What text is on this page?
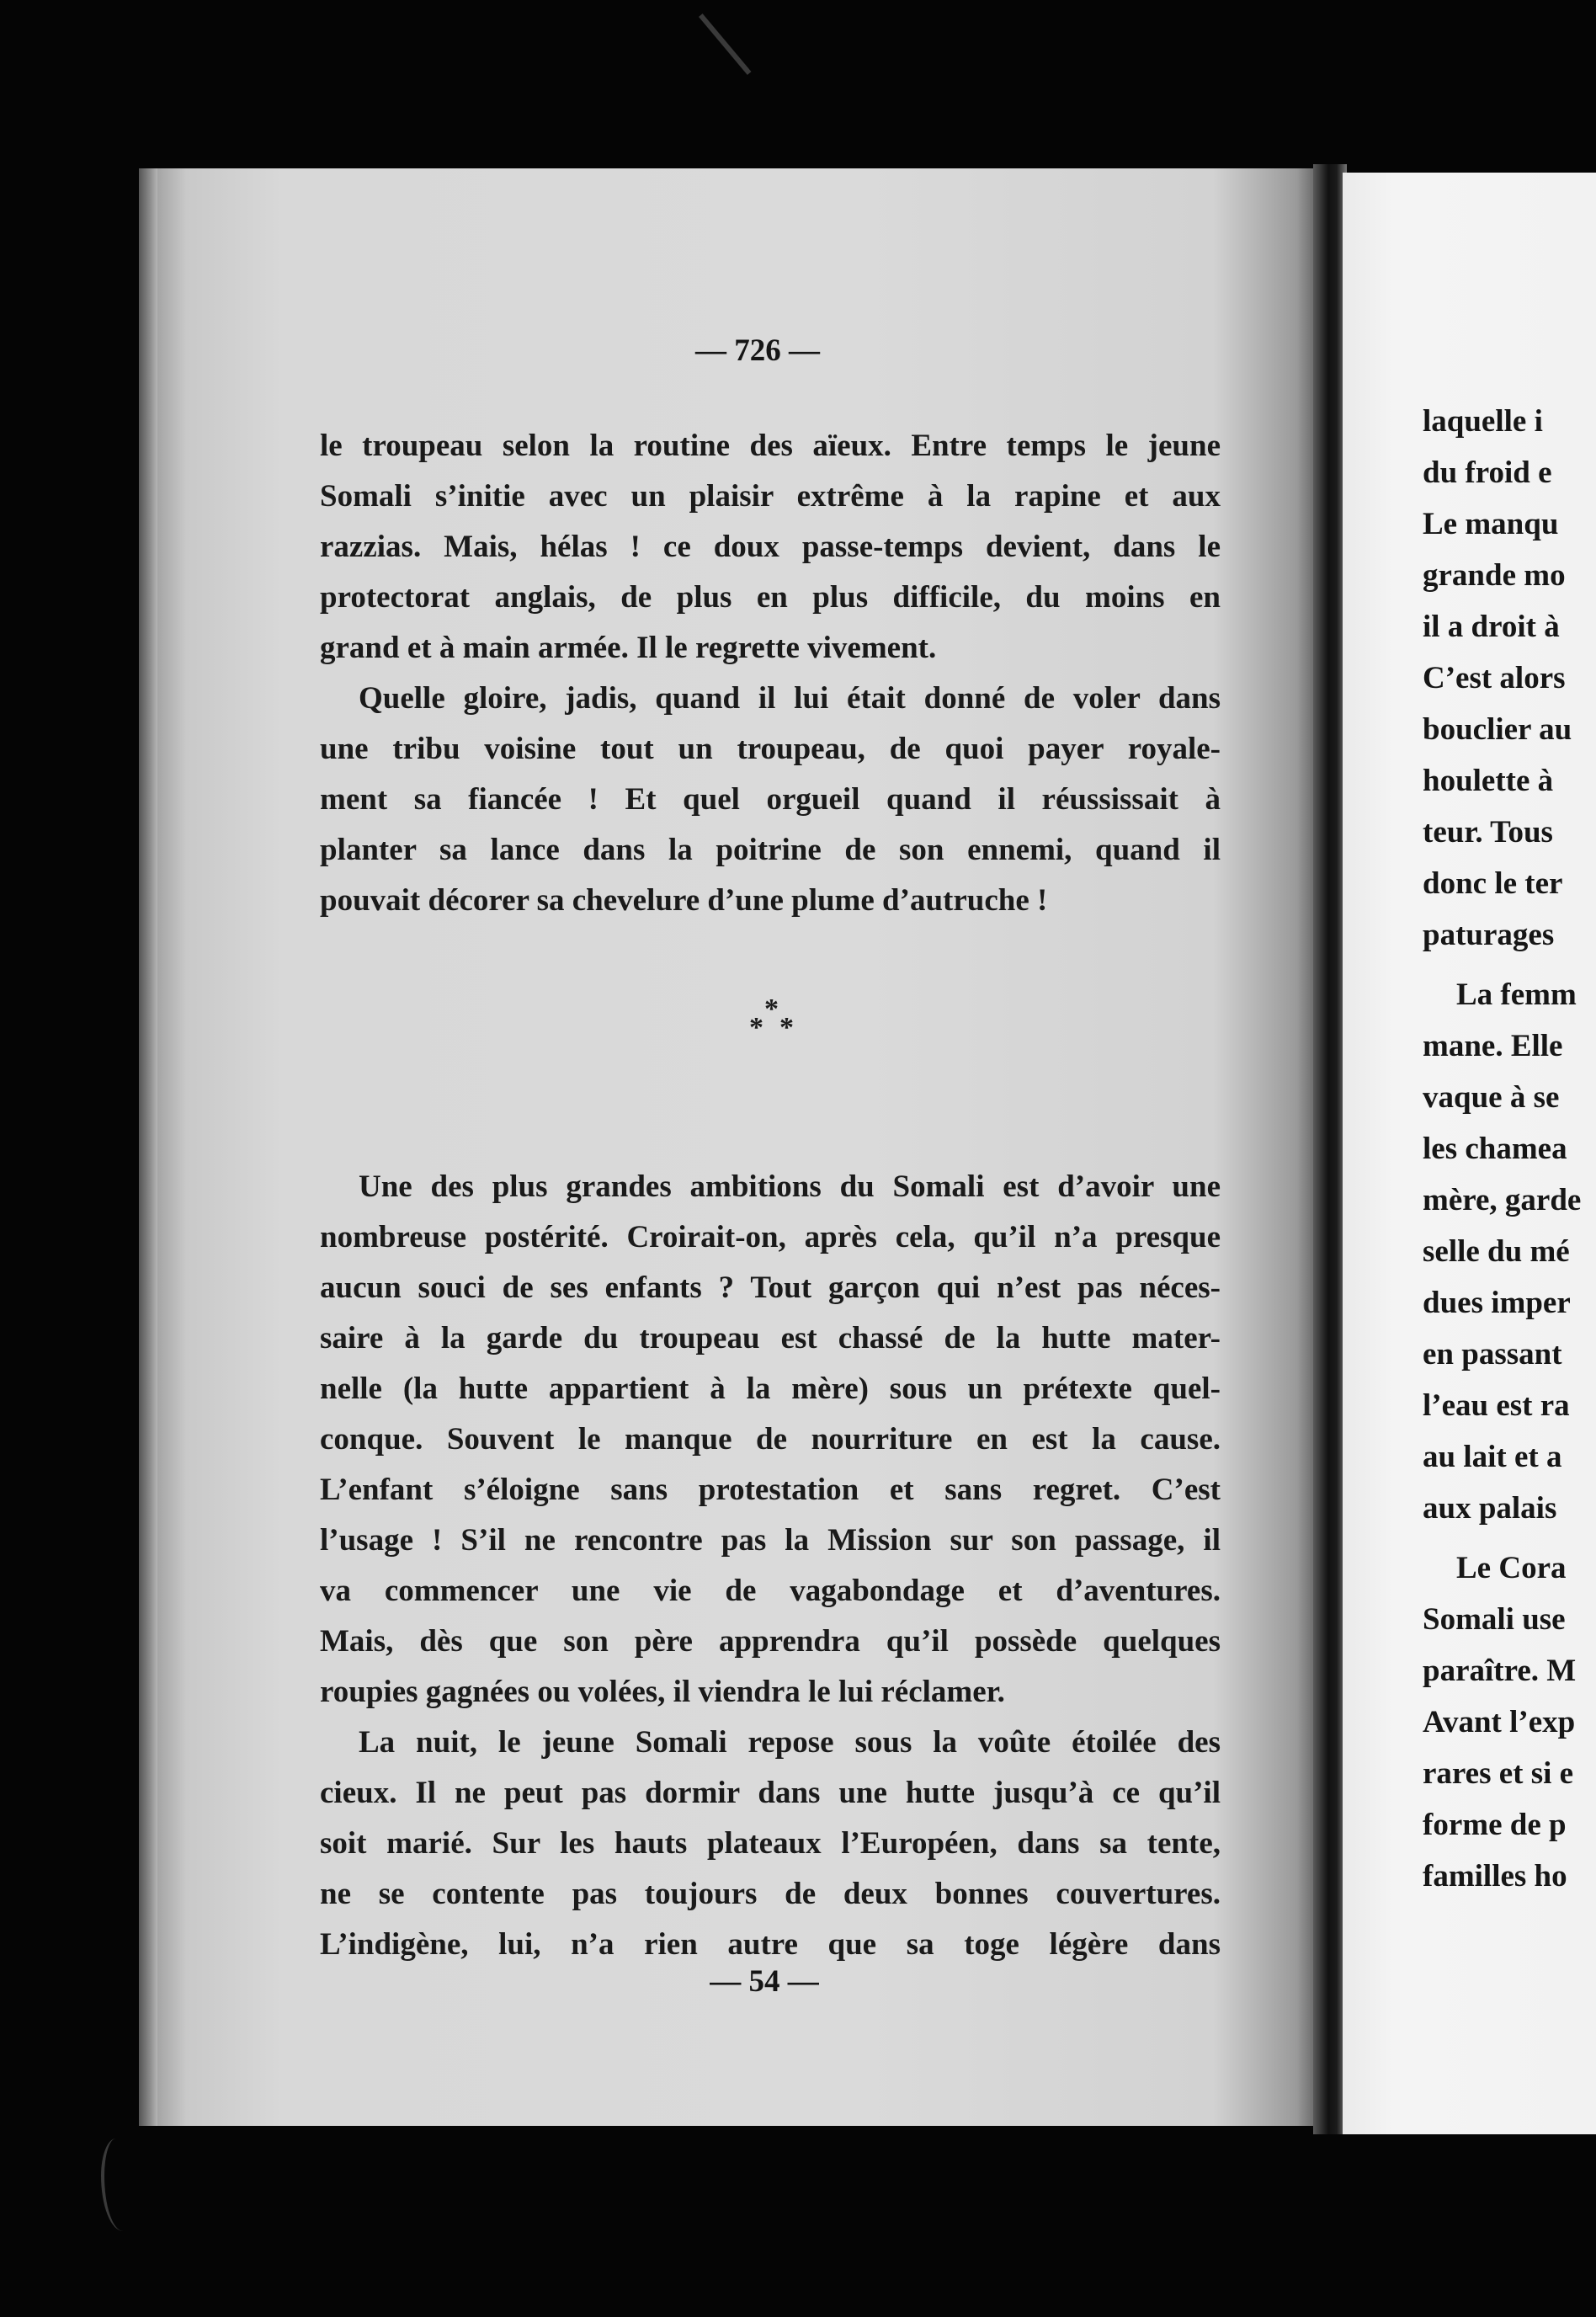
— 726 —
le troupeau selon la routine des aïeux. Entre temps le jeune
Somali s’initie avec un plaisir extrême à la rapine et aux
razzias. Mais, hélas ! ce doux passe-temps devient, dans le
protectorat anglais, de plus en plus difficile, du moins en
grand et à main armée. Il le regrette vivement.
Quelle gloire, jadis, quand il lui était donné de voler dans
une tribu voisine tout un troupeau, de quoi payer royale-
ment sa fiancée ! Et quel orgueil quand il réussissait à
planter sa lance dans la poitrine de son ennemi, quand il
pouvait décorer sa chevelure d’une plume d’autruche !
*
* *
Une des plus grandes ambitions du Somali est d’avoir une
nombreuse postérité. Croirait-on, après cela, qu’il n’a presque
aucun souci de ses enfants ? Tout garçon qui n’est pas néces-
saire à la garde du troupeau est chassé de la hutte mater-
nelle (la hutte appartient à la mère) sous un prétexte quel-
conque. Souvent le manque de nourriture en est la cause.
L’enfant s’éloigne sans protestation et sans regret. C’est
l’usage ! S’il ne rencontre pas la Mission sur son passage, il
va commencer une vie de vagabondage et d’aventures.
Mais, dès que son père apprendra qu’il possède quelques
roupies gagnées ou volées, il viendra le lui réclamer.
La nuit, le jeune Somali repose sous la voûte étoilée des
cieux. Il ne peut pas dormir dans une hutte jusqu’à ce qu’il
soit marié. Sur les hauts plateaux l’Européen, dans sa tente,
ne se contente pas toujours de deux bonnes couvertures.
L’indigène, lui, n’a rien autre que sa toge légère dans
— 54 —
laquelle i
du froid e
Le manqu
grande mo
il a droit à
C’est alors
bouclier au
houlette à
teur. Tous
donc le ter
paturages
La femm
mane. Elle
vaque à se
les chamea
mère, garde
selle du mé
dues imper
en passant
l’eau est ra
au lait et a
aux palais
Le Cora
Somali use
paraître. M
Avant l’exp
rares et si e
forme de p
familles ho
